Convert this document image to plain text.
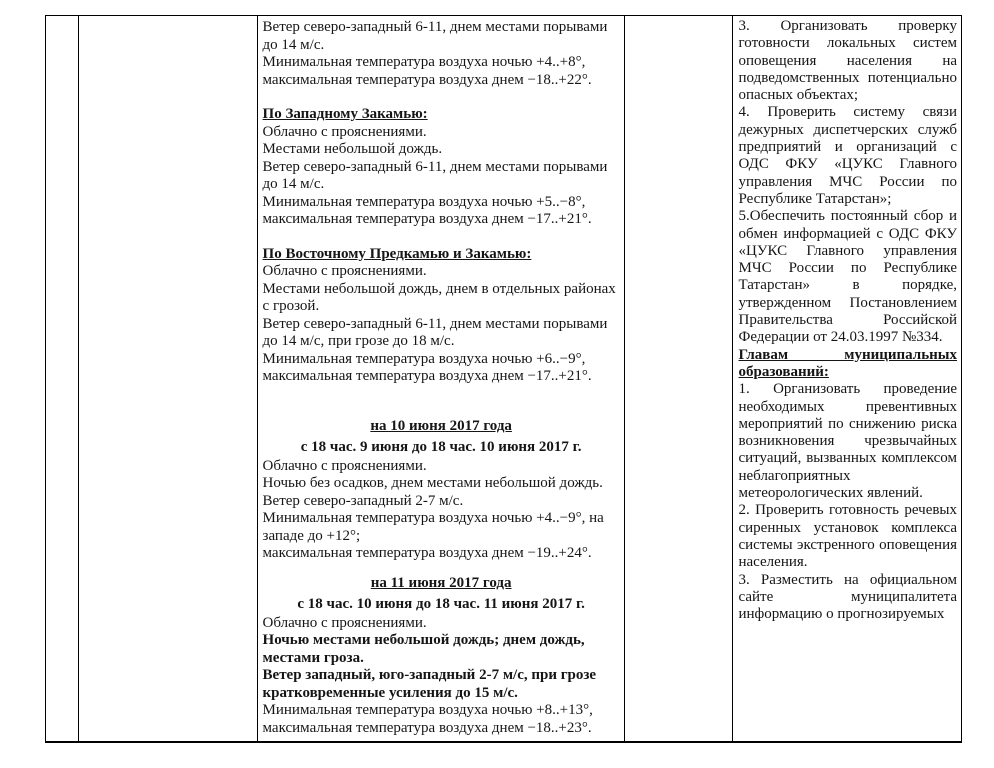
Ветер северо-западный 6-11, днем местами порывами
до 14 м/с.
Минимальная температура воздуха ночью +4..+8°,
максимальная температура воздуха днем −18..+22°.
По Западному Закамью:
Облачно с прояснениями.
Местами небольшой дождь.
Ветер северо-западный 6-11, днем местами порывами
до 14 м/с.
Минимальная температура воздуха ночью +5..−8°,
максимальная температура воздуха днем −17..+21°.
По Восточному Предкамью и Закамью:
Облачно с прояснениями.
Местами небольшой дождь, днем в отдельных районах
с грозой.
Ветер северо-западный 6-11, днем местами порывами
до 14 м/с, при грозе до 18 м/с.
Минимальная температура воздуха ночью +6..−9°,
максимальная температура воздуха днем −17..+21°.
на 10 июня 2017 года
с 18 час. 9 июня до 18 час. 10 июня 2017 г.
Облачно с прояснениями.
Ночью без осадков, днем местами небольшой дождь.
Ветер северо-западный 2-7 м/с.
Минимальная температура воздуха ночью +4..−9°, на
западе до +12°;
максимальная температура воздуха днем −19..+24°.
на 11 июня 2017 года
с 18 час. 10 июня до 18 час. 11 июня 2017 г.
Облачно с прояснениями.
Ночью местами небольшой дождь; днем дождь,
местами гроза.
Ветер западный, юго-западный 2-7 м/с, при грозе
кратковременные усиления до 15 м/с.
Минимальная температура воздуха ночью +8..+13°,
максимальная температура воздуха днем −18..+23°.
3. Организовать проверку готовности локальных систем оповещения населения на подведомственных потенциально опасных объектах;
4. Проверить систему связи дежурных диспетчерских служб предприятий и организаций с ОДС ФКУ «ЦУКС Главного управления МЧС России по Республике Татарстан»;
5.Обеспечить постоянный сбор и обмен информацией с ОДС ФКУ «ЦУКС Главного управления МЧС России по Республике Татарстан» в порядке, утвержденном Постановлением Правительства Российской Федерации от 24.03.1997 №334.
Главам муниципальных образований:
1. Организовать проведение необходимых превентивных мероприятий по снижению риска возникновения чрезвычайных ситуаций, вызванных комплексом неблагоприятных метеорологических явлений.
2. Проверить готовность речевых сиренных установок комплекса системы экстренного оповещения населения.
3. Разместить на официальном сайте муниципалитета информацию о прогнозируемых
